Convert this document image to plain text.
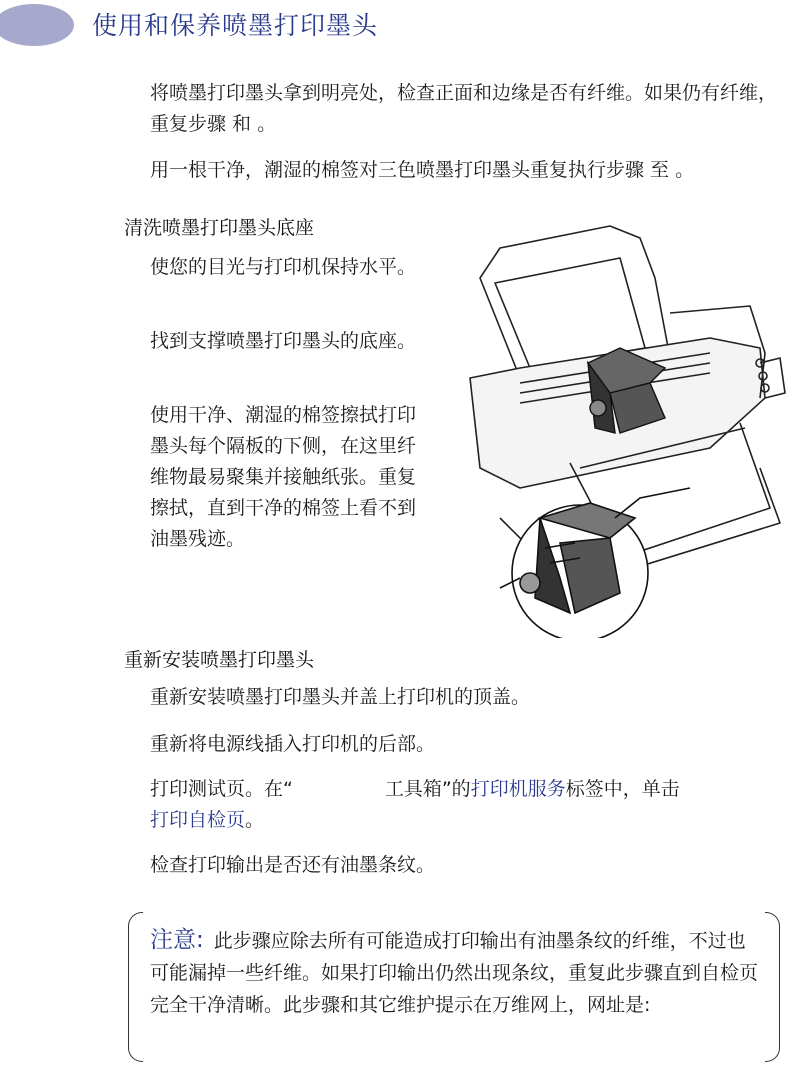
使用和保养喷墨打印墨头

将喷墨打印墨头拿到明亮处，检查正面和边缘是否有纤维。如果仍有纤维，重复步骤 和 。

用一根干净，潮湿的棉签对三色喷墨打印墨头重复执行步骤 至 。

清洗喷墨打印墨头底座

使您的目光与打印机保持水平。

找到支撑喷墨打印墨头的底座。

使用干净、潮湿的棉签擦拭打印墨头每个隔板的下侧，在这里纤维物最易聚集并接触纸张。重复擦拭，直到干净的棉签上看不到油墨残迹。

重新安装喷墨打印墨头

重新安装喷墨打印墨头并盖上打印机的顶盖。

重新将电源线插入打印机的后部。

打印测试页。在“	工具箱”的打印机服务标签中，单击
打印自检页。

检查打印输出是否还有油墨条纹。

注意: 此步骤应除去所有可能造成打印输出有油墨条纹的纤维，不过也可能漏掉一些纤维。如果打印输出仍然出现条纹，重复此步骤直到自检页完全干净清晰。此步骤和其它维护提示在万维网上，网址是:
